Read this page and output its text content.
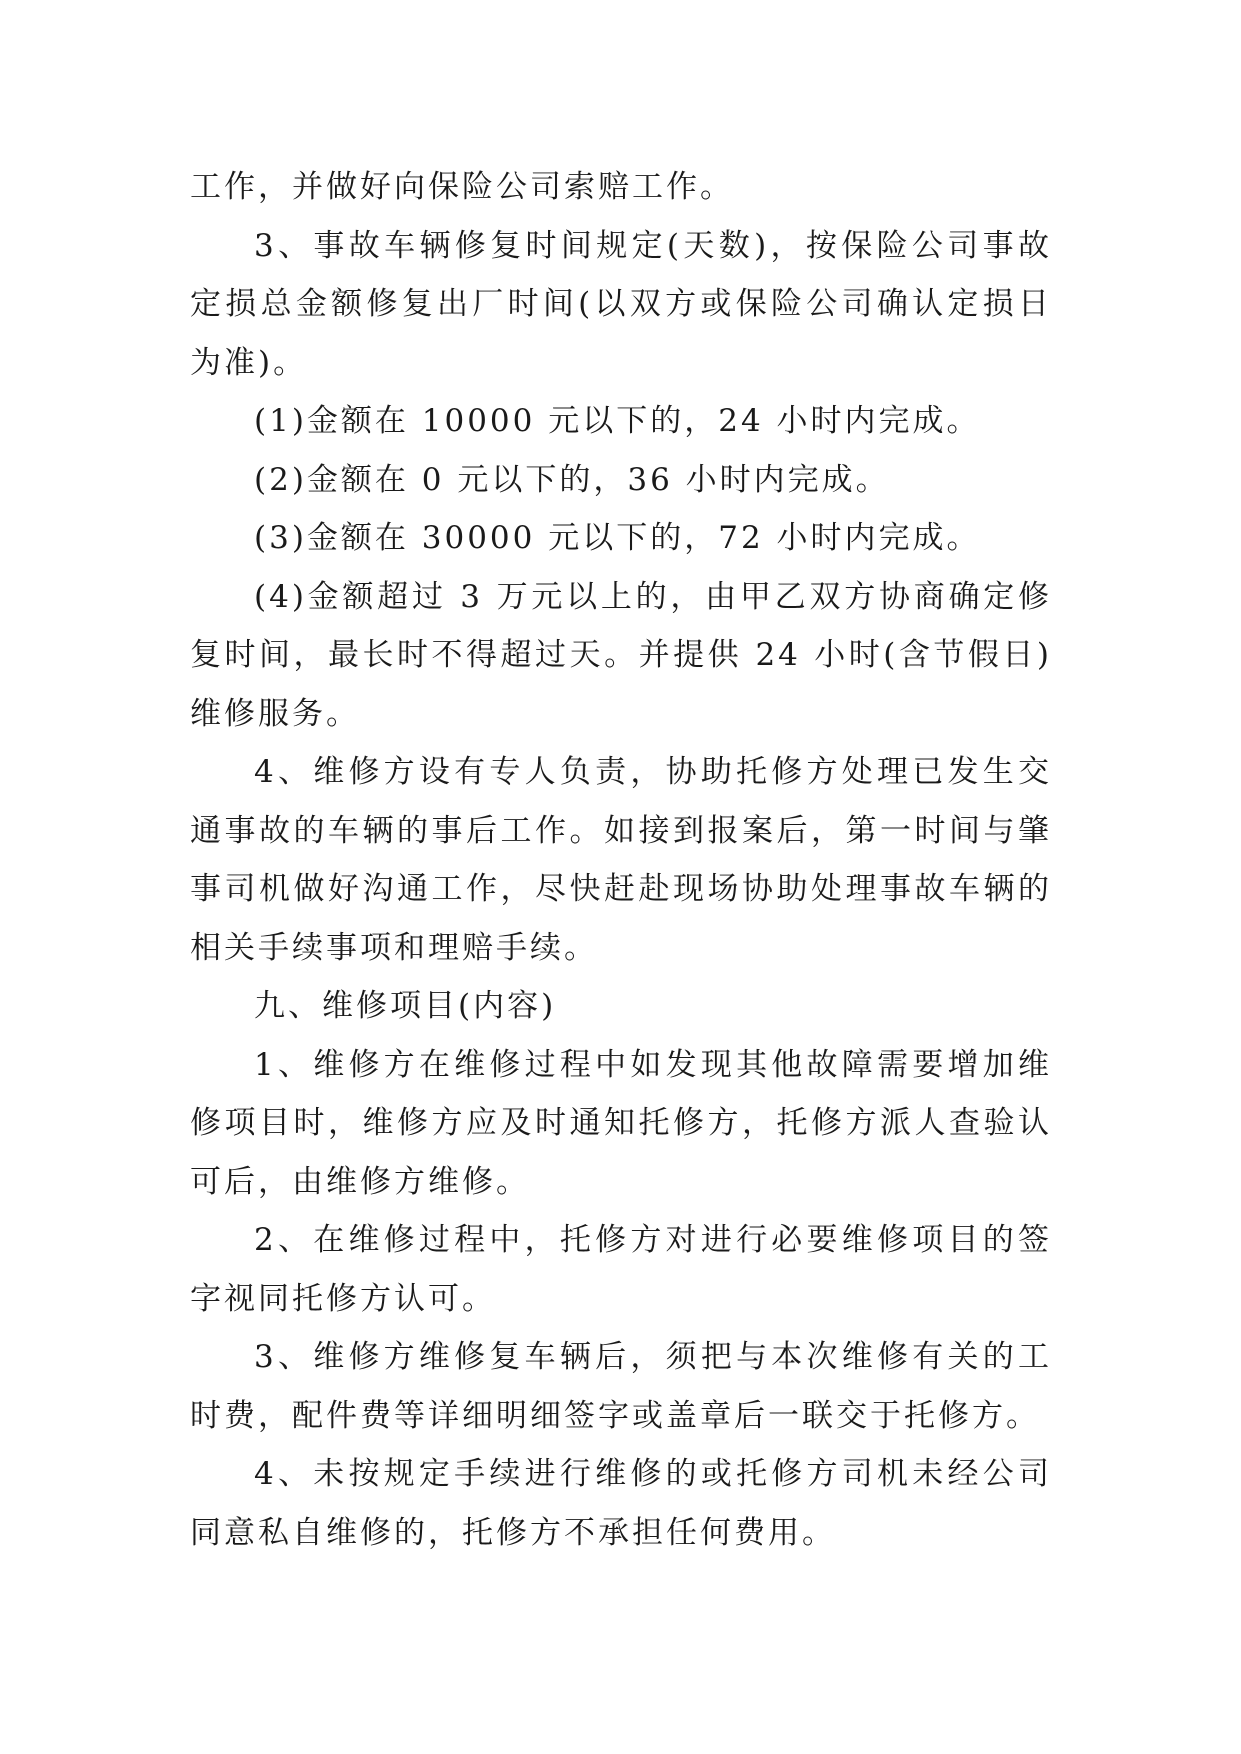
工作，并做好向保险公司索赔工作。

3、事故车辆修复时间规定(天数)，按保险公司事故定损总金额修复出厂时间(以双方或保险公司确认定损日为准)。

(1)金额在 10000 元以下的，24 小时内完成。

(2)金额在 0 元以下的，36 小时内完成。

(3)金额在 30000 元以下的，72 小时内完成。

(4)金额超过 3 万元以上的，由甲乙双方协商确定修复时间，最长时不得超过天。并提供 24 小时(含节假日)维修服务。

4、维修方设有专人负责，协助托修方处理已发生交通事故的车辆的事后工作。如接到报案后，第一时间与肇事司机做好沟通工作，尽快赶赴现场协助处理事故车辆的相关手续事项和理赔手续。

九、维修项目(内容)

1、维修方在维修过程中如发现其他故障需要增加维修项目时，维修方应及时通知托修方，托修方派人查验认可后，由维修方维修。

2、在维修过程中，托修方对进行必要维修项目的签字视同托修方认可。

3、维修方维修复车辆后，须把与本次维修有关的工时费，配件费等详细明细签字或盖章后一联交于托修方。

4、未按规定手续进行维修的或托修方司机未经公司同意私自维修的，托修方不承担任何费用。
